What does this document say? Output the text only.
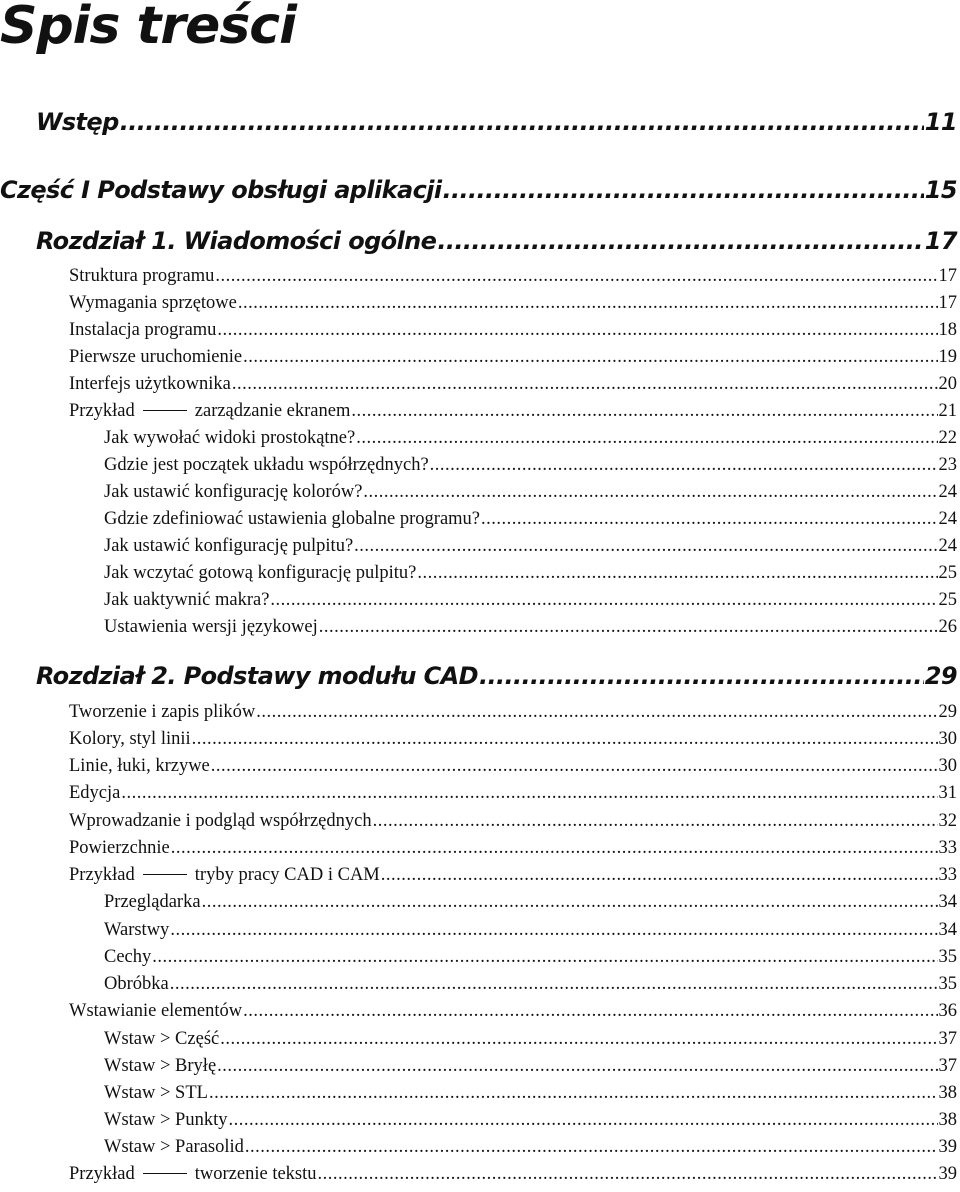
Spis treści
Wstęp .....	11
Część I Podstawy obsługi aplikacji .....	15
Rozdział 1. Wiadomości ogólne .....	17
Struktura programu .....	17
Wymagania sprzętowe .....	17
Instalacja programu .....	18
Pierwsze uruchomienie .....	19
Interfejs użytkownika .....	20
Przykład	zarządzanie ekranem .....	21
Jak wywołać widoki prostokątne? .....	22
Gdzie jest początek układu współrzędnych? .....	23
Jak ustawić konfigurację kolorów? .....	24
Gdzie zdefiniować ustawienia globalne programu? .....	24
Jak ustawić konfigurację pulpitu? .....	24
Jak wczytać gotową konfigurację pulpitu? .....	25
Jak uaktywnić makra? .....	25
Ustawienia wersji językowej .....	26
Rozdział 2. Podstawy modułu CAD .....	29
Tworzenie i zapis plików .....	29
Kolory, styl linii .....	30
Linie, łuki, krzywe .....	30
Edycja .....	31
Wprowadzanie i podgląd współrzędnych .....	32
Powierzchnie .....	33
Przykład	tryby pracy CAD i CAM .....	33
Przeglądarka .....	34
Warstwy .....	34
Cechy .....	35
Obróbka .....	35
Wstawianie elementów .....	36
Wstaw > Część .....	37
Wstaw > Bryłę .....	37
Wstaw > STL .....	38
Wstaw > Punkty .....	38
Wstaw > Parasolid .....	39
Przykład	tworzenie tekstu .....	39
